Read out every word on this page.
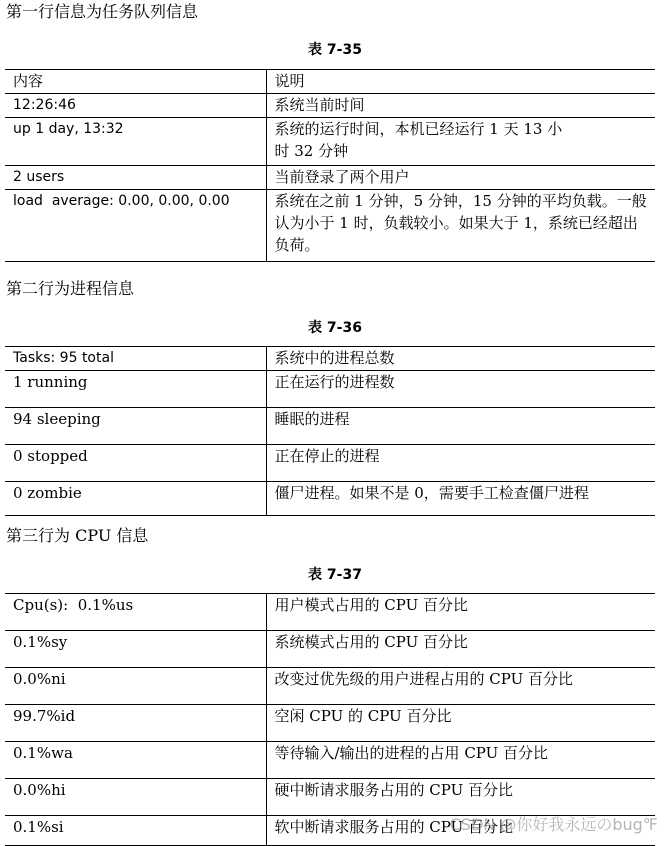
第一行信息为任务队列信息
表 7-35
内容	说明
12:26:46	系统当前时间
up 1 day, 13:32	系统的运行时间，本机已经运行 1 天 13 小时 32 分钟
2 users	当前登录了两个用户
load  average: 0.00, 0.00, 0.00	系统在之前 1 分钟，5 分钟，15 分钟的平均负载。一般认为小于 1 时，负载较小。如果大于 1，系统已经超出负荷。
第二行为进程信息
表 7-36
Tasks: 95 total	系统中的进程总数
1 running	正在运行的进程数
94 sleeping	睡眠的进程
0 stopped	正在停止的进程
0 zombie	僵尸进程。如果不是 0，需要手工检查僵尸进程
第三行为 CPU 信息
表 7-37
Cpu(s):  0.1%us	用户模式占用的 CPU 百分比
0.1%sy	系统模式占用的 CPU 百分比
0.0%ni	改变过优先级的用户进程占用的 CPU 百分比
99.7%id	空闲 CPU 的 CPU 百分比
0.1%wa	等待输入/输出的进程的占用 CPU 百分比
0.0%hi	硬中断请求服务占用的 CPU 百分比
0.1%si	软中断请求服务占用的 CPU 百分比
CSDN @你好我永远のbug℉
